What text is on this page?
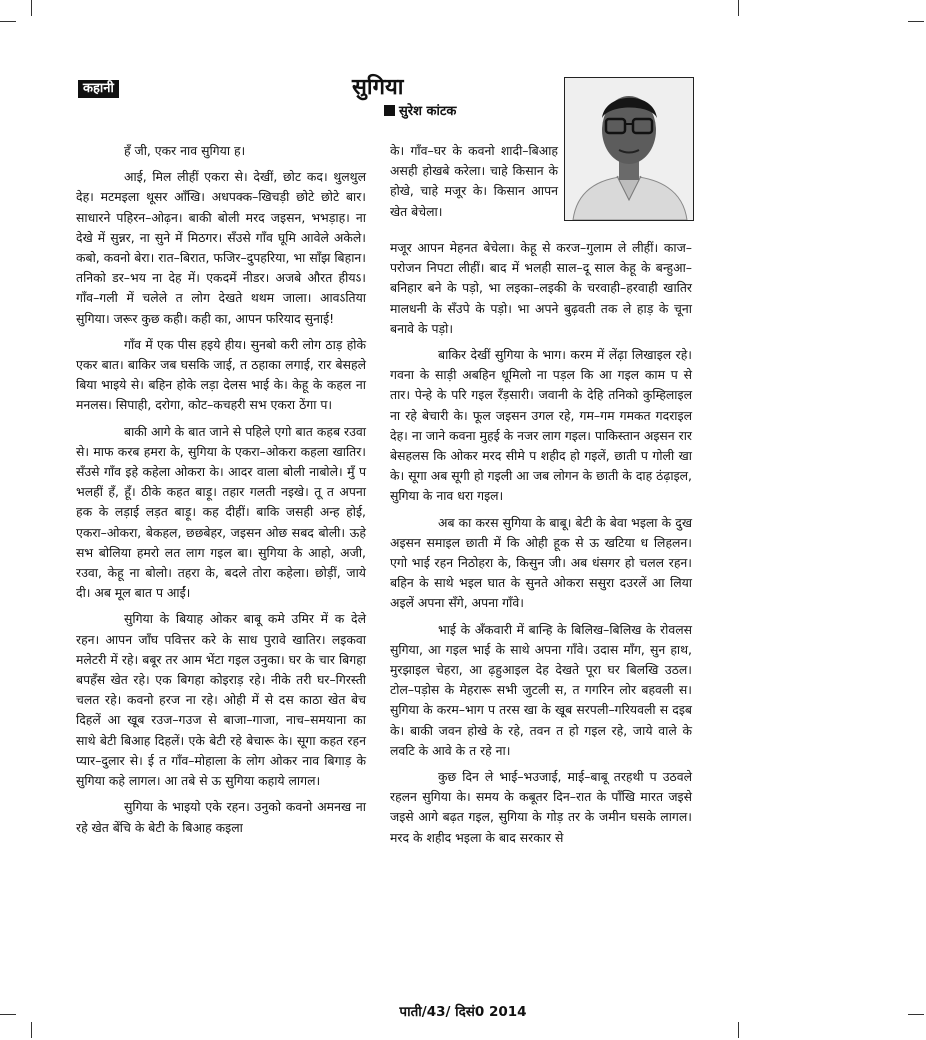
कहानी	सुगिया
सुरेश कांटक

हँ जी, एकर नाव सुगिया ह।

आई, मिल लीहीं एकरा से। देखीं, छोट कद। थुलथुल देह। मटमइला थूसर आँखि। अधपक्क–खिचड़ी छोटे छोटे बार। साधारने पहिरन–ओढ़न। बाकी बोली मरद जइसन, भभड़ाह। ना देखे में सुन्नर, ना सुने में मिठगर। सँउसे गाँव घूमि आवेले अकेले। कबो, कवनो बेरा। रात–बिरात, फजिर–दुपहरिया, भा साँझ बिहान। तनिको डर–भय ना देह में। एकदमें नीडर। अजबे औरत हीयऽ। गाँव–गली में चलेले त लोग देखते थथम जाला। आवऽतिया सुगिया। जरूर कुछ कही। कही का, आपन फरियाद सुनाई!

गाँव में एक पीस हइये हीय। सुनबो करी लोग ठाड़ होके एकर बात। बाकिर जब घसकि जाई, त ठहाका लगाई, रार बेसहले बिया भाइये से। बहिन होके लड़ा देलस भाई के। केहू के कहल ना मनलस। सिपाही, दरोगा, कोट–कचहरी सभ एकरा ठेंगा प।

बाकी आगे के बात जाने से पहिले एगो बात कहब रउवा से। माफ करब हमरा के, सुगिया के एकरा–ओकरा कहला खातिर। सँउसे गाँव इहे कहेला ओकरा के। आदर वाला बोली नाबोले। मुँ प भलहीं हँ, हूँ। ठीके कहत बाड़ू। तहार गलती नइखे। तू त अपना हक के लड़ाई लड़त बाड़ू। कह दीहीं। बाकि जसही अन्ह होई, एकरा–ओकरा, बेकहल, छछबेहर, जइसन ओछ सबद बोली। ऊहे सभ बोलिया हमरो लत लाग गइल बा। सुगिया के आहो, अजी, रउवा, केहू ना बोलो। तहरा के, बदले तोरा कहेला। छोड़ीं, जाये दी। अब मूल बात प आईं।

सुगिया के बियाह ओकर बाबू कमे उमिर में क देले रहन। आपन जाँघ पवित्तर करे के साध पुरावे खातिर। लइकवा मलेटरी में रहे। बबूर तर आम भेंटा गइल उनुका। घर के चार बिगहा बपहँस खेत रहे। एक बिगहा कोइराड़ रहे। नीके तरी घर–गिरस्ती चलत रहे। कवनो हरज ना रहे। ओही में से दस काठा खेत बेच दिहलें आ खूब रउज–गउज से बाजा–गाजा, नाच–समयाना का साथे बेटी बिआह दिहलें। एके बेटी रहे बेचारू के। सूगा कहत रहन प्यार–दुलार से। ई त गाँव–मोहाला के लोग ओकर नाव बिगाड़ के सुगिया कहे लागल। आ तबे से ऊ सुगिया कहाये लागल।

सुगिया के भाइयो एके रहन। उनुको कवनो अमनख ना रहे खेत बेंचि के बेटी के बिआह कइला

के। गाँव–घर के कवनो शादी–बिआह असही होखबे करेला। चाहे किसान के होखे, चाहे मजूर के। किसान आपन खेत बेचेला।

मजूर आपन मेहनत बेचेला। केहू से करज–गुलाम ले लीहीं। काज–परोजन निपटा लीहीं। बाद में भलही साल–दू साल केहू के बन्हुआ–बनिहार बने के पड़ो, भा लइका–लइकी के चरवाही–हरवाही खातिर मालधनी के सँउपे के पड़ो। भा अपने बुढ़वती तक ले हाड़ के चूना बनावे के पड़ो।

बाकिर देखीं सुगिया के भाग। करम में लेंढ़ा लिखाइल रहे। गवना के साड़ी अबहिन धूमिलो ना पड़ल कि आ गइल काम प से तार। पेन्हे के परि गइल रँड़सारी। जवानी के देहि तनिको कुम्हिलाइल ना रहे बेचारी के। फूल जइसन उगल रहे, गम–गम गमकत गदराइल देह। ना जाने कवना मुहई के नजर लाग गइल। पाकिस्तान अइसन रार बेसहलस कि ओकर मरद सीमे प शहीद हो गइलें, छाती प गोली खा के। सूगा अब सूगी हो गइली आ जब लोगन के छाती के दाह ठंढ़ाइल, सुगिया के नाव धरा गइल।

अब का करस सुगिया के बाबू। बेटी के बेवा भइला के दुख अइसन समाइल छाती में कि ओही हूक से ऊ खटिया ध लिहलन। एगो भाई रहन निठोहरा के, किसुन जी। अब धंसगर हो चलल रहन। बहिन के साथे भइल घात के सुनते ओकरा ससुरा दउरलें आ लिया अइलें अपना सँगे, अपना गाँवे।

भाई के अँकवारी में बान्हि के बिलिख–बिलिख के रोवलस सुगिया, आ गइल भाई के साथे अपना गाँवे। उदास माँग, सुन हाथ, मुरझाइल चेहरा, आ ढ़हुआइल देह देखते पूरा घर बिलखि उठल। टोल–पड़ोस के मेहरारू सभी जुटली स, त गगरिन लोर बहवली स। सुगिया के करम–भाग प तरस खा के खूब सरपली–गरियवली स दइब के। बाकी जवन होखे के रहे, तवन त हो गइल रहे, जाये वाले के लवटि के आवे के त रहे ना।

कुछ दिन ले भाई–भउजाई, माई–बाबू तरहथी प उठवले रहलन सुगिया के। समय के कबूतर दिन–रात के पाँखि मारत जइसे जइसे आगे बढ़त गइल, सुगिया के गोड़ तर के जमीन घसके लागल। मरद के शहीद भइला के बाद सरकार से

पाती/43/ दिसं0 2014
